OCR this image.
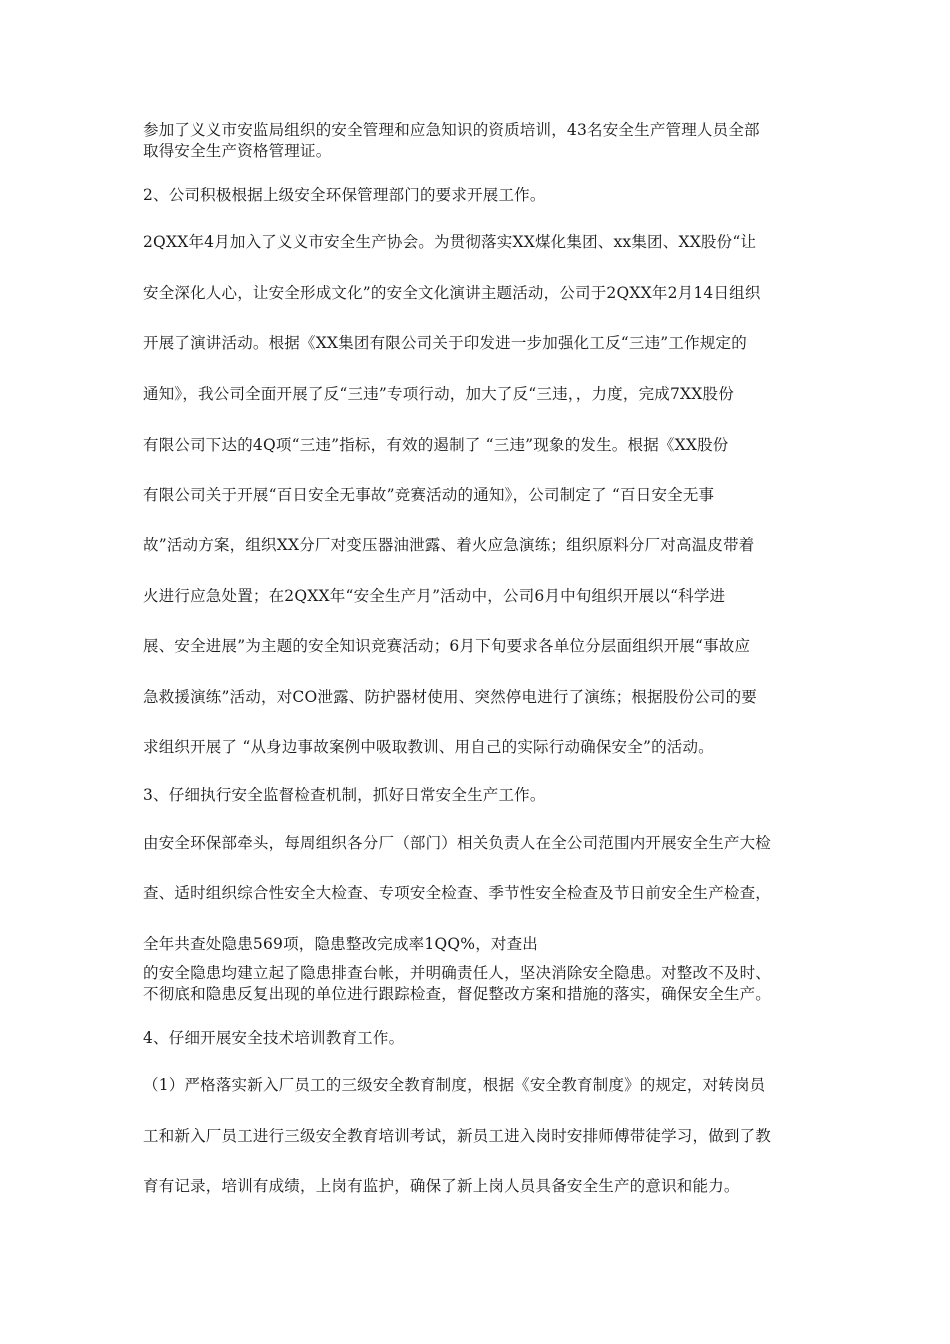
参加了义义市安监局组织的安全管理和应急知识的资质培训，43名安全生产管理人员全部
取得安全生产资格管理证。
2、公司积极根据上级安全环保管理部门的要求开展工作。
2QXX年4月加入了义义市安全生产协会。为贯彻落实XX煤化集团、xx集团、XX股份“让
安全深化人心，让安全形成文化”的安全文化演讲主题活动，公司于2QXX年2月14日组织
开展了演讲活动。根据《XX集团有限公司关于印发进一步加强化工反“三违”工作规定的
通知》，我公司全面开展了反“三违”专项行动，加大了反“三违，，力度，完成7XX股份
有限公司下达的4Q项“三违”指标，有效的遏制了 “三违”现象的发生。根据《XX股份
有限公司关于开展“百日安全无事故”竞赛活动的通知》，公司制定了 “百日安全无事
故”活动方案，组织XX分厂对变压器油泄露、着火应急演练；组织原料分厂对高温皮带着
火进行应急处置；在2QXX年“安全生产月”活动中，公司6月中旬组织开展以“科学进
展、安全进展”为主题的安全知识竞赛活动；6月下旬要求各单位分层面组织开展“事故应
急救援演练”活动，对CO泄露、防护器材使用、突然停电进行了演练；根据股份公司的要
求组织开展了 “从身边事故案例中吸取教训、用自己的实际行动确保安全”的活动。
3、仔细执行安全监督检查机制，抓好日常安全生产工作。
由安全环保部牵头，每周组织各分厂（部门）相关负责人在全公司范围内开展安全生产大检
查、适时组织综合性安全大检查、专项安全检查、季节性安全检查及节日前安全生产检查，
全年共查处隐患569项，隐患整改完成率1QQ%，对查出
的安全隐患均建立起了隐患排查台帐，并明确责任人，坚决消除安全隐患。对整改不及时、
不彻底和隐患反复出现的单位进行跟踪检查，督促整改方案和措施的落实，确保安全生产。
4、仔细开展安全技术培训教育工作。
（1）严格落实新入厂员工的三级安全教育制度，根据《安全教育制度》的规定，对转岗员
工和新入厂员工进行三级安全教育培训考试，新员工进入岗时安排师傅带徒学习，做到了教
育有记录，培训有成绩，上岗有监护，确保了新上岗人员具备安全生产的意识和能力。
